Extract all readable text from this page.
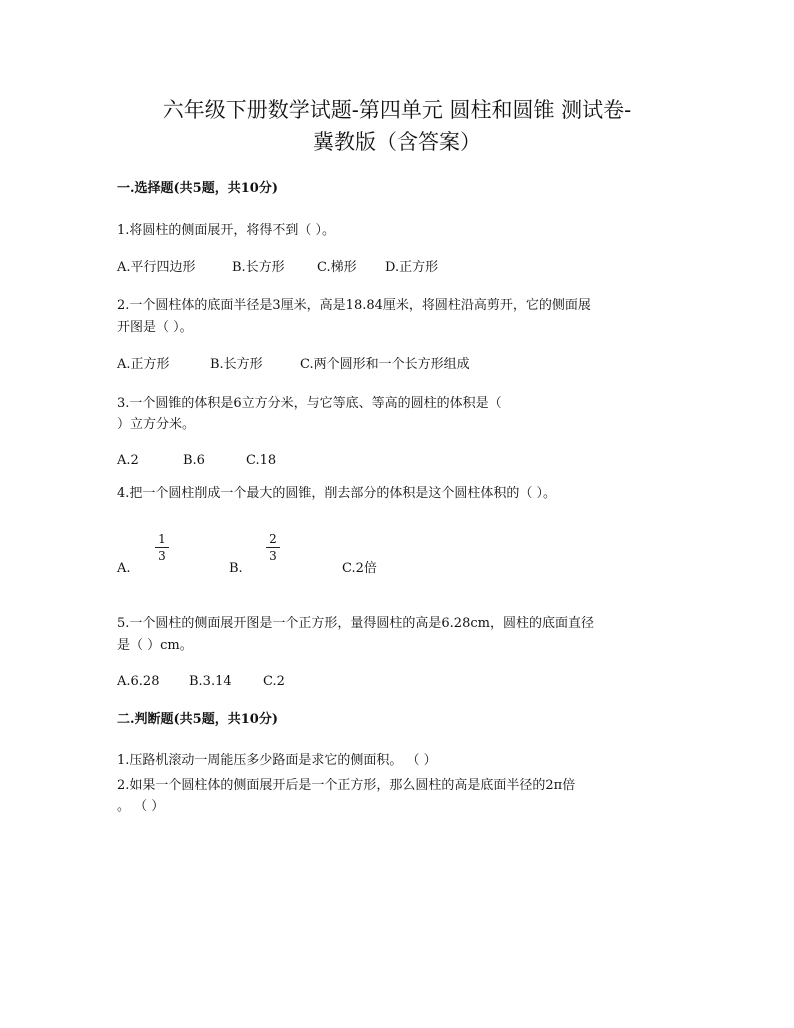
六年级下册数学试题-第四单元 圆柱和圆锥 测试卷-
冀教版（含答案）
一.选择题(共5题，共10分)
1.将圆柱的侧面展开，将得不到（ ）。
A.平行四边形	B.长方形 C.梯形 D.正方形
2.一个圆柱体的底面半径是3厘米，高是18.84厘米，将圆柱沿高剪开，它的侧面展
开图是（ ）。
A.正方形	B.长方形	C.两个圆形和一个长方形组成
3.一个圆锥的体积是6立方分米，与它等底、等高的圆柱的体积是（
）立方分米。
A.2	B.6	C.18
4.把一个圆柱削成一个最大的圆锥，削去部分的体积是这个圆柱体积的（ ）。
1
3
2
3
A.	B.	C.2倍
5.一个圆柱的侧面展开图是一个正方形，量得圆柱的高是6.28cm，圆柱的底面直径
是（ ）cm。
A.6.28 B.3.14 C.2
二.判断题(共5题，共10分)
1.压路机滚动一周能压多少路面是求它的侧面积。 （ ）
2.如果一个圆柱体的侧面展开后是一个正方形，那么圆柱的高是底面半径的2π倍
。 （ ）
